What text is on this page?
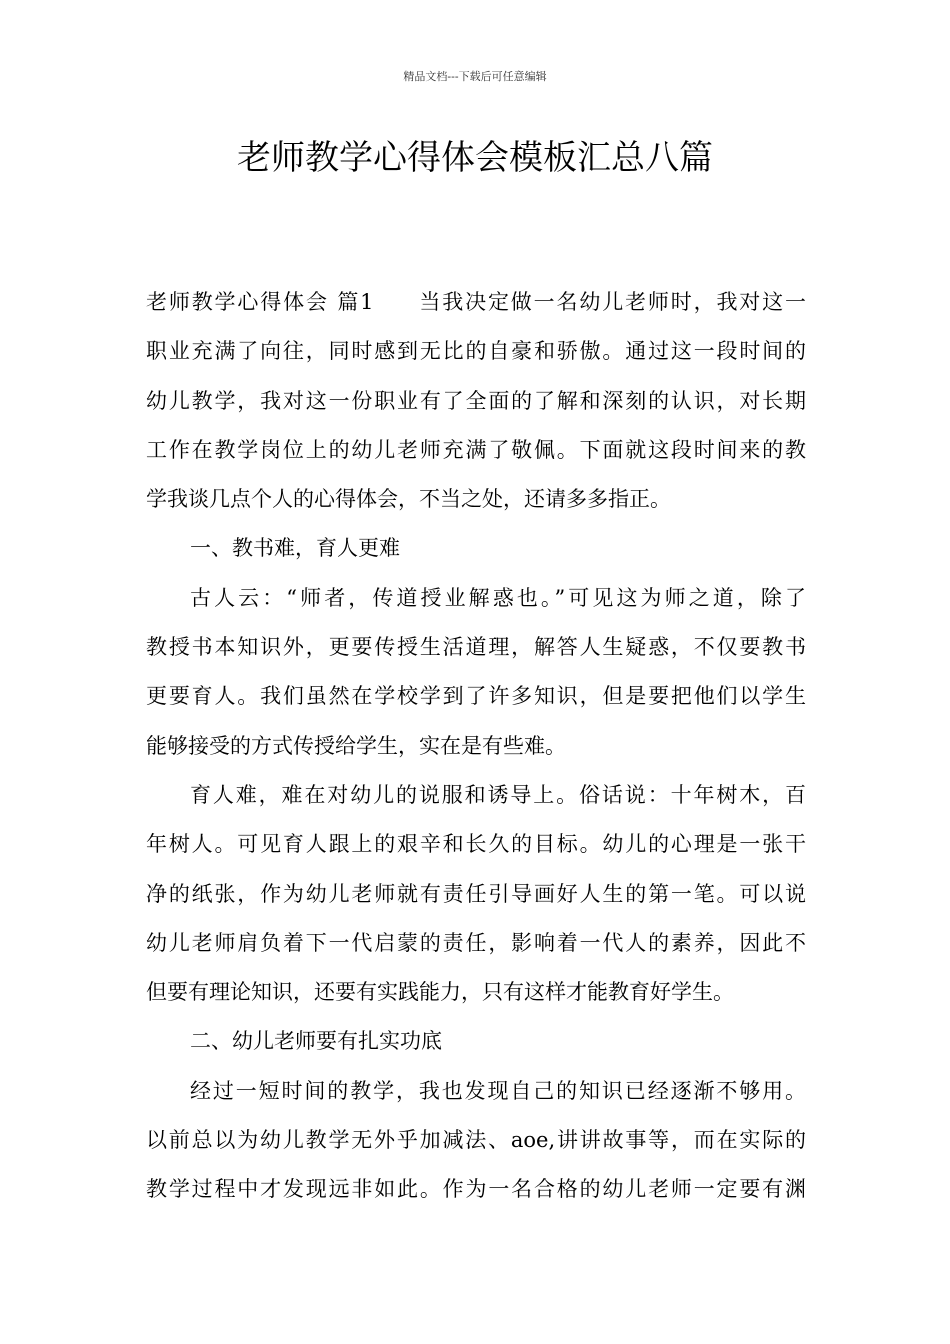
精品文档---下载后可任意编辑
老师教学心得体会模板汇总八篇
老师教学心得体会 篇1 当我决定做一名幼儿老师时，我对这一
职业充满了向往，同时感到无比的自豪和骄傲。通过这一段时间的
幼儿教学，我对这一份职业有了全面的了解和深刻的认识，对长期
工作在教学岗位上的幼儿老师充满了敬佩。下面就这段时间来的教
学我谈几点个人的心得体会，不当之处，还请多多指正。
一、教书难，育人更难
古人云：“师者，传道授业解惑也。”可见这为师之道，除了
教授书本知识外，更要传授生活道理，解答人生疑惑，不仅要教书
更要育人。我们虽然在学校学到了许多知识，但是要把他们以学生
能够接受的方式传授给学生，实在是有些难。
育人难，难在对幼儿的说服和诱导上。俗话说：十年树木，百
年树人。可见育人跟上的艰辛和长久的目标。幼儿的心理是一张干
净的纸张，作为幼儿老师就有责任引导画好人生的第一笔。可以说
幼儿老师肩负着下一代启蒙的责任，影响着一代人的素养，因此不
但要有理论知识，还要有实践能力，只有这样才能教育好学生。
二、幼儿老师要有扎实功底
经过一短时间的教学，我也发现自己的知识已经逐渐不够用。
以前总以为幼儿教学无外乎加减法、aoe,讲讲故事等，而在实际的
教学过程中才发现远非如此。作为一名合格的幼儿老师一定要有渊
